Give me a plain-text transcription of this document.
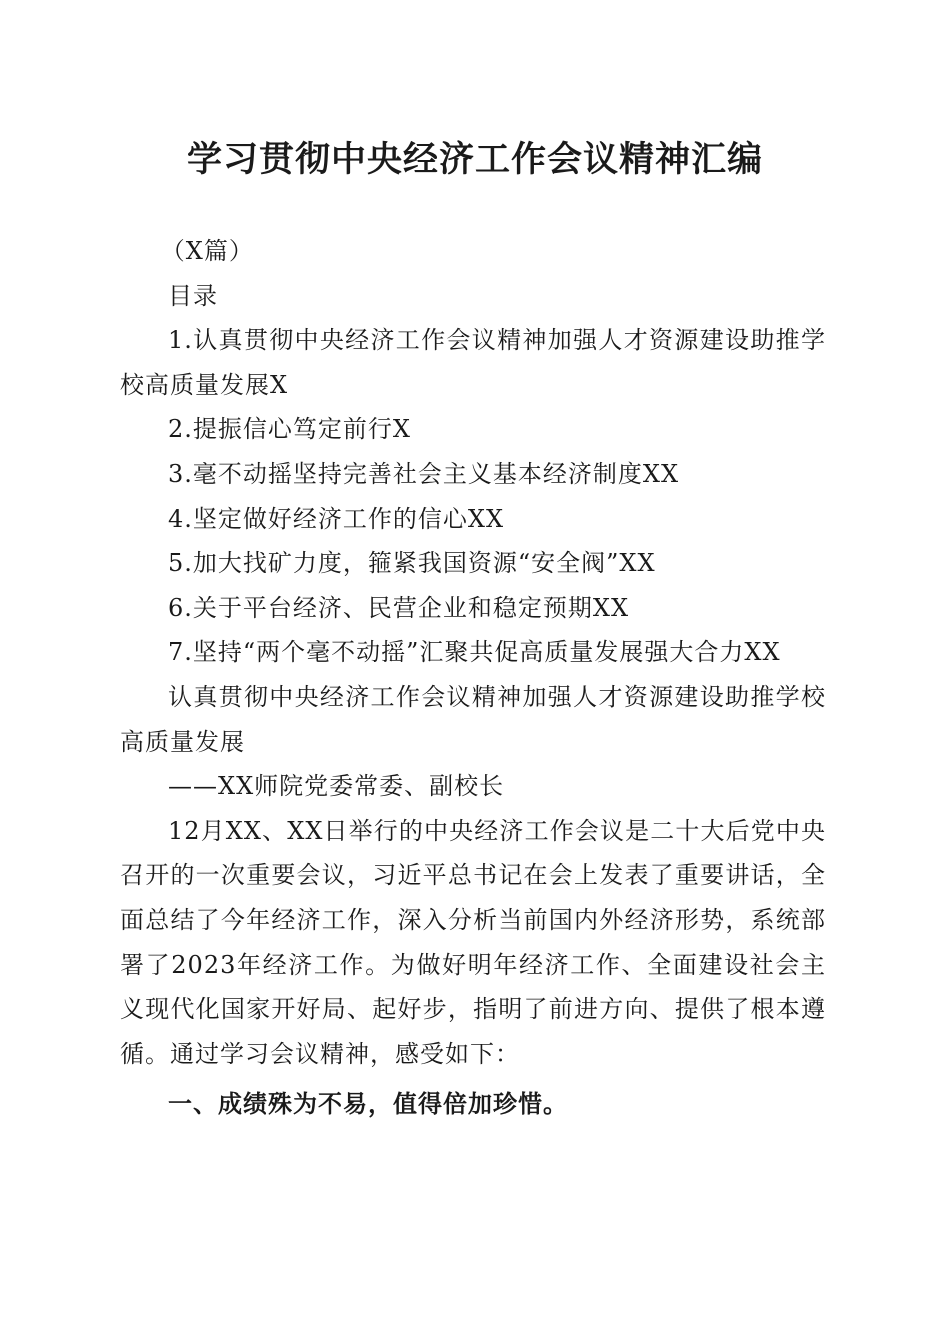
学习贯彻中央经济工作会议精神汇编

（X篇）

目录

1.认真贯彻中央经济工作会议精神加强人才资源建设助推学校高质量发展X

2.提振信心笃定前行X

3.毫不动摇坚持完善社会主义基本经济制度XX

4.坚定做好经济工作的信心XX

5.加大找矿力度，箍紧我国资源“安全阀”XX

6.关于平台经济、民营企业和稳定预期XX

7.坚持“两个毫不动摇”汇聚共促高质量发展强大合力XX

认真贯彻中央经济工作会议精神加强人才资源建设助推学校高质量发展

——XX师院党委常委、副校长

12月XX、XX日举行的中央经济工作会议是二十大后党中央召开的一次重要会议，习近平总书记在会上发表了重要讲话，全面总结了今年经济工作，深入分析当前国内外经济形势，系统部署了2023年经济工作。为做好明年经济工作、全面建设社会主义现代化国家开好局、起好步，指明了前进方向、提供了根本遵循。通过学习会议精神，感受如下：

一、成绩殊为不易，值得倍加珍惜。
